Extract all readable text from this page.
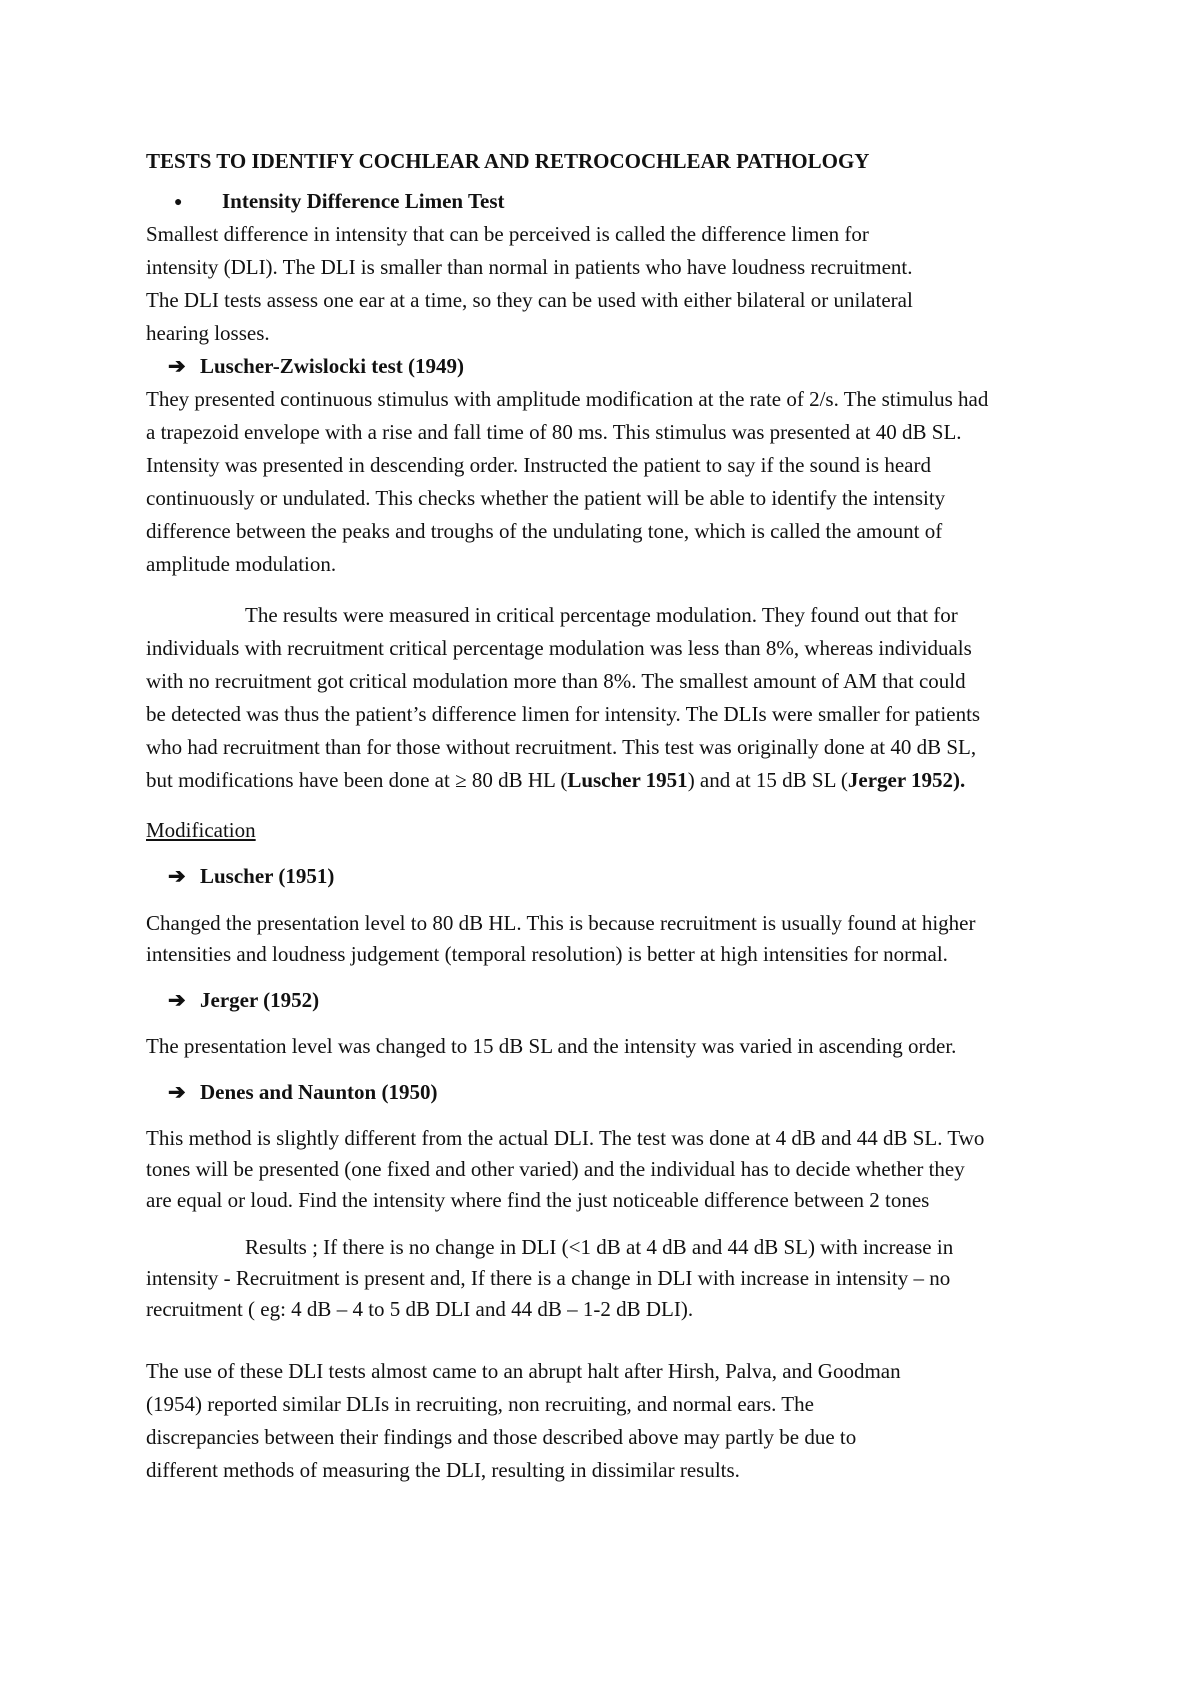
TESTS TO IDENTIFY COCHLEAR AND RETROCOCHLEAR PATHOLOGY
● Intensity Difference Limen Test
Smallest difference in intensity that can be perceived is called the difference limen for
intensity (DLI). The DLI is smaller than normal in patients who have loudness recruitment.
The DLI tests assess one ear at a time, so they can be used with either bilateral or unilateral
hearing losses.
➔ Luscher-Zwislocki test (1949)
They presented continuous stimulus with amplitude modification at the rate of 2/s. The stimulus had
a trapezoid envelope with a rise and fall time of 80 ms. This stimulus was presented at 40 dB SL.
Intensity was presented in descending order. Instructed the patient to say if the sound is heard
continuously or undulated. This checks whether the patient will be able to identify the intensity
difference between the peaks and troughs of the undulating tone, which is called the amount of
amplitude modulation.
The results were measured in critical percentage modulation. They found out that for
individuals with recruitment critical percentage modulation was less than 8%, whereas individuals
with no recruitment got critical modulation more than 8%. The smallest amount of AM that could
be detected was thus the patient’s difference limen for intensity. The DLIs were smaller for patients
who had recruitment than for those without recruitment. This test was originally done at 40 dB SL,
but modifications have been done at ≥ 80 dB HL (Luscher 1951) and at 15 dB SL (Jerger 1952).
Modification
➔ Luscher (1951)
Changed the presentation level to 80 dB HL. This is because recruitment is usually found at higher
intensities and loudness judgement (temporal resolution) is better at high intensities for normal.
➔ Jerger (1952)
The presentation level was changed to 15 dB SL and the intensity was varied in ascending order.
➔ Denes and Naunton (1950)
This method is slightly different from the actual DLI. The test was done at 4 dB and 44 dB SL. Two
tones will be presented (one fixed and other varied) and the individual has to decide whether they
are equal or loud. Find the intensity where find the just noticeable difference between 2 tones
Results ; If there is no change in DLI (<1 dB at 4 dB and 44 dB SL) with increase in
intensity - Recruitment is present and, If there is a change in DLI with increase in intensity – no
recruitment ( eg: 4 dB – 4 to 5 dB DLI and 44 dB – 1-2 dB DLI).
The use of these DLI tests almost came to an abrupt halt after Hirsh, Palva, and Goodman
(1954) reported similar DLIs in recruiting, non recruiting, and normal ears. The
discrepancies between their findings and those described above may partly be due to
different methods of measuring the DLI, resulting in dissimilar results.
